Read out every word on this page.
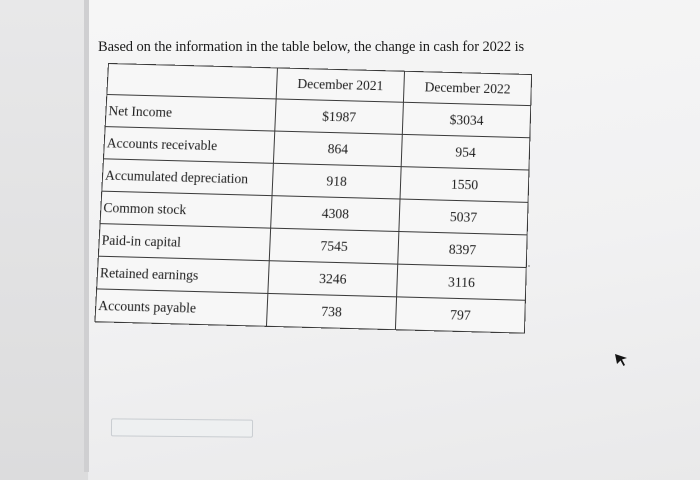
Based on the information in the table below, the change in cash for 2022 is
	December 2021	December 2022
Net Income	$1987	$3034
Accounts receivable	864	954
Accumulated depreciation	918	1550
Common stock	4308	5037
Paid-in capital	7545	8397
Retained earnings	3246	3116
Accounts payable	738	797
